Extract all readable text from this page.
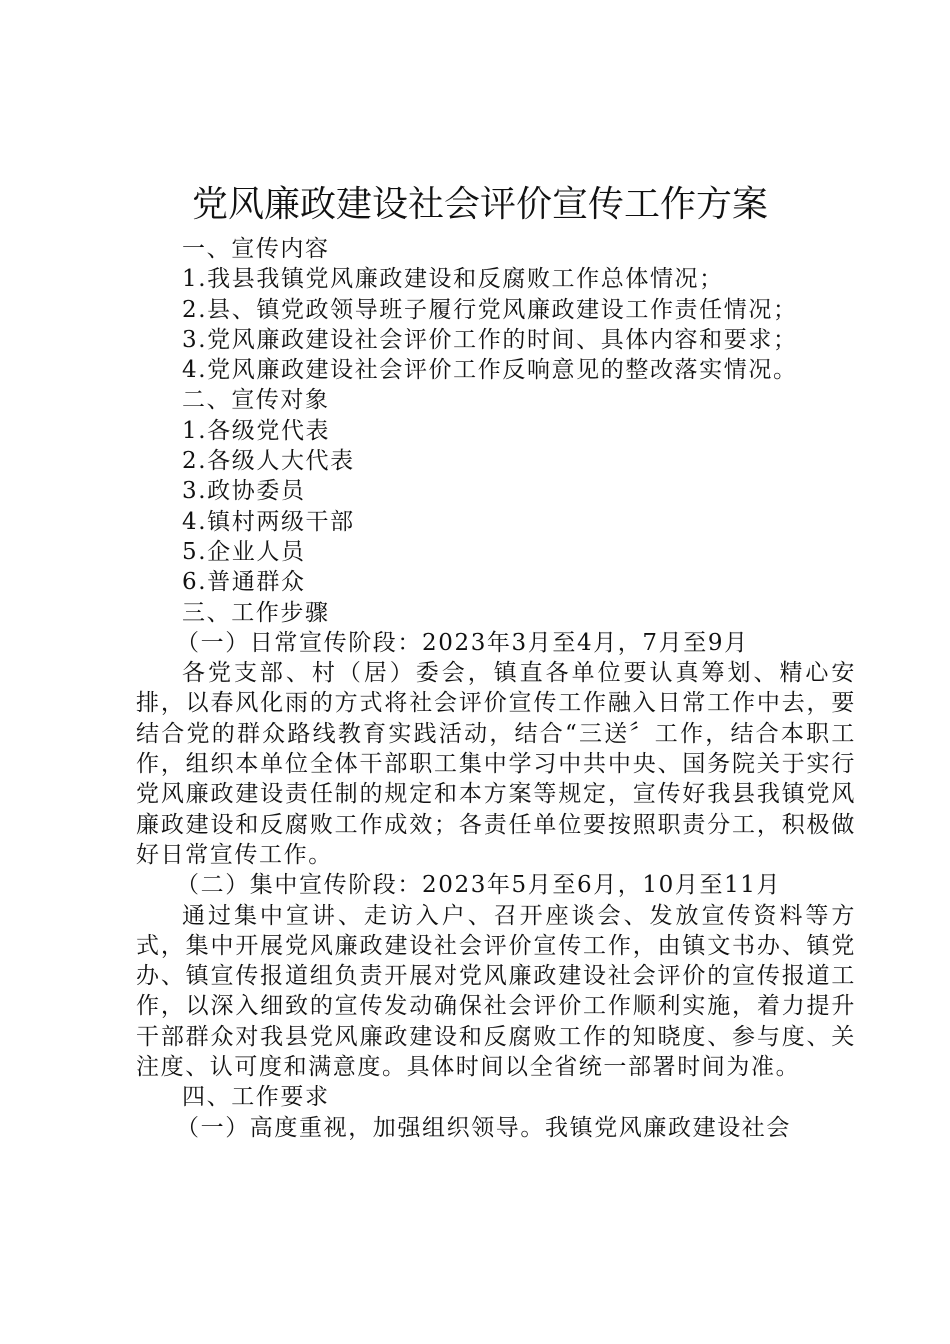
党风廉政建设社会评价宣传工作方案
一、宣传内容
1.我县我镇党风廉政建设和反腐败工作总体情况；
2.县、镇党政领导班子履行党风廉政建设工作责任情况；
3.党风廉政建设社会评价工作的时间、具体内容和要求；
4.党风廉政建设社会评价工作反响意见的整改落实情况。
二、宣传对象
1.各级党代表
2.各级人大代表
3.政协委员
4.镇村两级干部
5.企业人员
6.普通群众
三、工作步骤
（一）日常宣传阶段：2023年3月至4月，7月至9月
各党支部、村（居）委会，镇直各单位要认真筹划、精心安排，以春风化雨的方式将社会评价宣传工作融入日常工作中去，要结合党的群众路线教育实践活动，结合“三送〞工作，结合本职工作，组织本单位全体干部职工集中学习中共中央、国务院关于实行党风廉政建设责任制的规定和本方案等规定，宣传好我县我镇党风廉政建设和反腐败工作成效；各责任单位要按照职责分工，积极做好日常宣传工作。
（二）集中宣传阶段：2023年5月至6月，10月至11月
通过集中宣讲、走访入户、召开座谈会、发放宣传资料等方式，集中开展党风廉政建设社会评价宣传工作，由镇文书办、镇党办、镇宣传报道组负责开展对党风廉政建设社会评价的宣传报道工作，以深入细致的宣传发动确保社会评价工作顺利实施，着力提升干部群众对我县党风廉政建设和反腐败工作的知晓度、参与度、关注度、认可度和满意度。具体时间以全省统一部署时间为准。
四、工作要求
（一）高度重视，加强组织领导。我镇党风廉政建设社会
